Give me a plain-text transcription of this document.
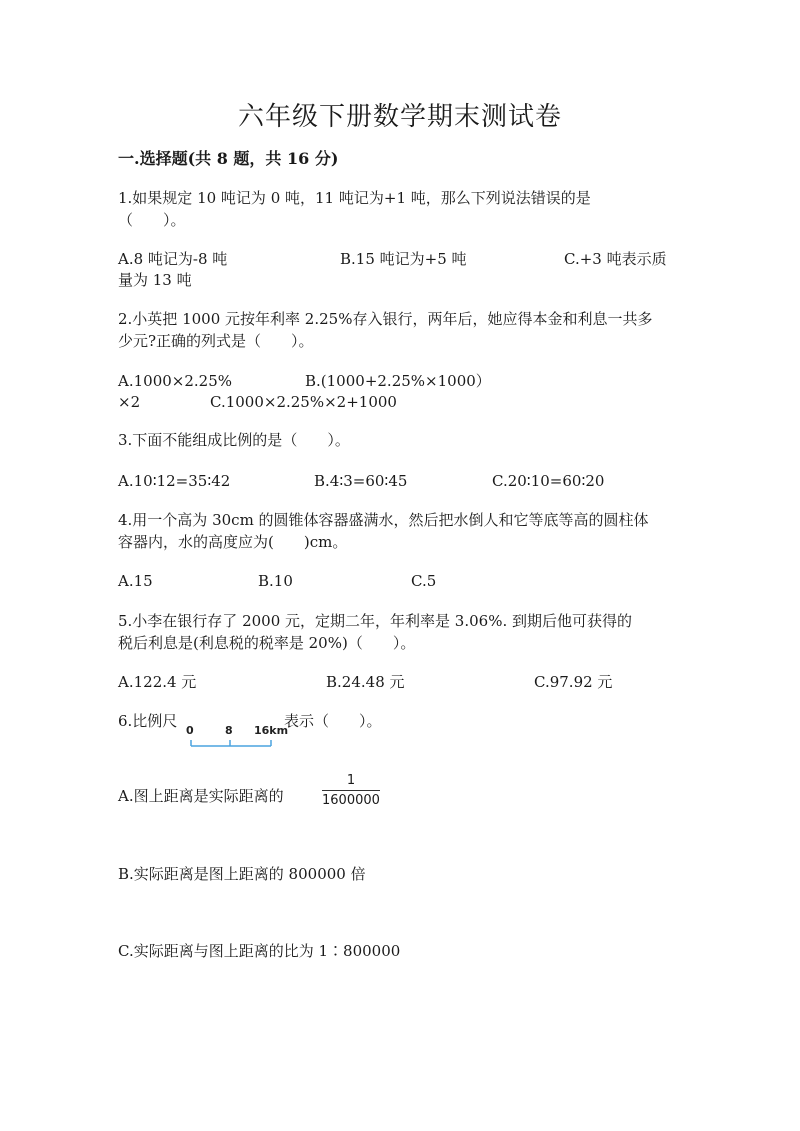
六年级下册数学期末测试卷
一.选择题(共 8 题，共 16 分)
1.如果规定 10 吨记为 0 吨，11 吨记为+1 吨，那么下列说法错误的是
（　　）。
A.8 吨记为-8 吨	B.15 吨记为+5 吨	C.+3 吨表示质
量为 13 吨
2.小英把 1000 元按年利率 2.25%存入银行，两年后，她应得本金和利息一共多
少元?正确的列式是（　　）。
A.1000×2.25%	B.(1000+2.25%×1000）
×2	C.1000×2.25%×2+1000
3.下面不能组成比例的是（　　）。
A.10∶12=35∶42	B.4∶3=60∶45	C.20∶10=60∶20
4.用一个高为 30cm 的圆锥体容器盛满水，然后把水倒人和它等底等高的圆柱体
容器内，水的高度应为(　　)cm。
A.15	B.10	C.5
5.小李在银行存了 2000 元，定期二年，年利率是 3.06%. 到期后他可获得的
税后利息是(利息税的税率是 20%)（　　）。
A.122.4 元	B.24.48 元	C.97.92 元
6.比例尺
0	8 16km
表示（　　）。
A.图上距离是实际距离的	$\frac{1}{1600000}$
B.实际距离是图上距离的 800000 倍
C.实际距离与图上距离的比为 1∶800000
